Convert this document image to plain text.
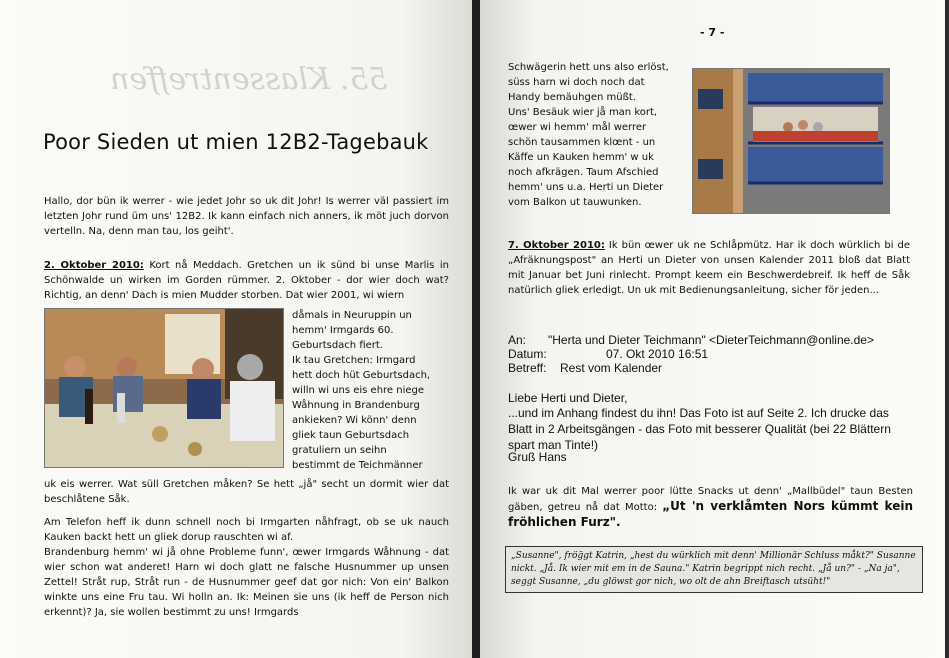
55. Klassentreffen
Poor Sieden ut mien 12B2-Tagebauk
Hallo, dor bün ik werrer - wie jedet Johr so uk dit Johr! Is werrer väl passiert im letzten Johr rund üm uns' 12B2. Ik kann einfach nich anners, ik möt juch dorvon vertelln. Na, denn man tau, los geiht'.
2. Oktober 2010: Kort nå Meddach. Gretchen un ik sünd bi unse Marlis in Schönwalde un wirken im Gorden rümmer. 2. Oktober - dor wier doch wat? Richtig, an denn' Dach is mien Mudder storben. Dat wier 2001, wi wiern
dåmals in Neuruppin un
hemm' Irmgards 60.
Geburtsdach fiert.
Ik tau Gretchen: Irmgard
hett doch hüt Geburtsdach,
willn wi uns eis ehre niege
Wåhnung in Brandenburg
ankieken? Wi könn' denn
gliek taun Geburtsdach
gratuliern un seihn
bestimmt de Teichmänner
uk eis werrer. Wat süll Gretchen måken? Se hett „jå" secht un dormit wier dat beschlåtene Såk.
Am Telefon heff ik dunn schnell noch bi Irmgarten nåhfragt, ob se uk nauch Kauken backt hett un gliek dorup rauschten wi af.
Brandenburg hemm' wi jå ohne Probleme funn', œwer Irmgards Wåhnung - dat wier schon wat anderet! Harn wi doch glatt ne falsche Husnummer up unsen Zettel! Stråt rup, Stråt run - de Husnummer geef dat gor nich: Von ein' Balkon winkte uns eine Fru tau. Wi holln an. Ik: Meinen sie uns (ik heff de Person nich erkennt)? Ja, sie wollen bestimmt zu uns! Irmgards
- 7 -
Schwägerin hett uns also erlöst,
süss harn wi doch noch dat
Handy bemäuhgen müßt.
Uns' Besäuk wier jå man kort,
œwer wi hemm' mål werrer
schön tausammen klœnt - un
Käffe un Kauken hemm' w uk
noch afkrägen. Taum Afschied
hemm' uns u.a. Herti un Dieter
vom Balkon ut tauwunken.
7. Oktober 2010: Ik bün œwer uk ne Schlåpmütz. Har ik doch würklich bi de „Afräknungspost" an Herti un Dieter von unsen Kalender 2011 bloß dat Blatt mit Januar bet Juni rinlecht. Prompt keem ein Beschwerdebreif. Ik heff de Såk natürlich gliek erledigt. Un uk mit Bedienungsanleitung, sicher för jeden...
An: "Herta und Dieter Teichmann" <DieterTeichmann@online.de>
Datum:	07. Okt 2010 16:51
Betreff: Rest vom Kalender
Liebe Herti und Dieter,
...und im Anhang findest du ihn! Das Foto ist auf Seite 2. Ich drucke das Blatt in 2 Arbeitsgängen - das Foto mit besserer Qualität (bei 22 Blättern spart man Tinte!)
Gruß Hans
Ik war uk dit Mal werrer poor lütte Snacks ut denn' „Mallbüdel" taun Besten gäben, getreu nå dat Motto: „Ut 'n verklåmten Nors kümmt kein fröhlichen Furz".
„Susanne", frög̈gt Katrin, „hest du würklich mit denn' Millionär Schluss måkt?" Susanne nickt. „Jå. Ik wier mit em in de Sauna." Katrin begrippt nich recht. „Jå un?" - „Na ja", seggt Susanne, „du glöwst gor nich, wo olt de ahn Breiftasch utsüht!"
